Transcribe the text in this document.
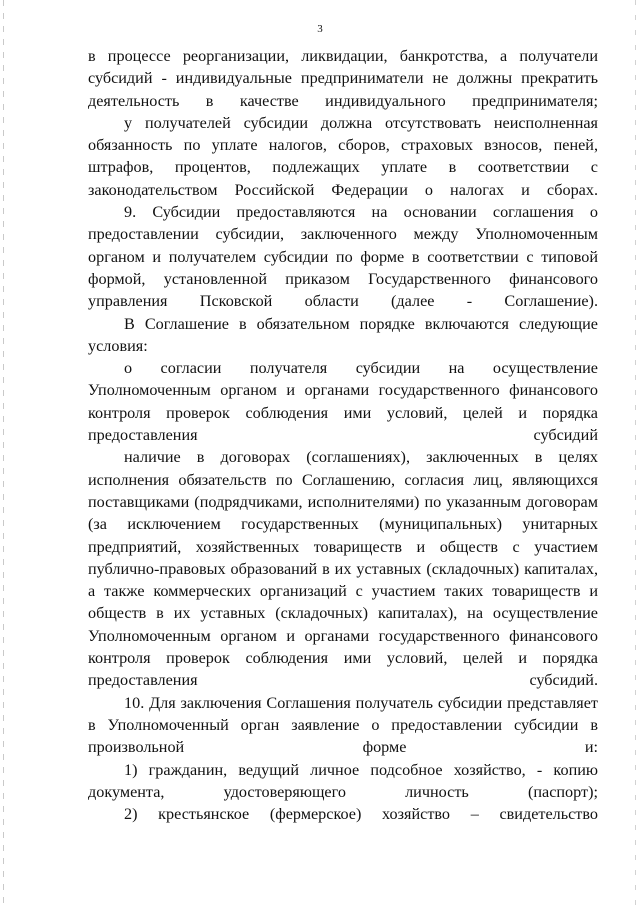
3

в процессе реорганизации, ликвидации, банкротства, а получатели субсидий - индивидуальные предприниматели не должны прекратить деятельность в качестве индивидуального предпринимателя;

у получателей субсидии должна отсутствовать неисполненная обязанность по уплате налогов, сборов, страховых взносов, пеней, штрафов, процентов, подлежащих уплате в соответствии с законодательством Российской Федерации о налогах и сборах.

9. Субсидии предоставляются на основании соглашения о предоставлении субсидии, заключенного между Уполномоченным органом и получателем субсидии по форме в соответствии с типовой формой, установленной приказом Государственного финансового управления Псковской области (далее - Соглашение).

В Соглашение в обязательном порядке включаются следующие условия:

о согласии получателя субсидии на осуществление Уполномоченным органом и органами государственного финансового контроля проверок соблюдения ими условий, целей и порядка предоставления субсидий

наличие в договорах (соглашениях), заключенных в целях исполнения обязательств по Соглашению, согласия лиц, являющихся поставщиками (подрядчиками, исполнителями) по указанным договорам (за исключением государственных (муниципальных) унитарных предприятий, хозяйственных товариществ и обществ с участием публично-правовых образований в их уставных (складочных) капиталах, а также коммерческих организаций с участием таких товариществ и обществ в их уставных (складочных) капиталах), на осуществление Уполномоченным органом и органами государственного финансового контроля проверок соблюдения ими условий, целей и порядка предоставления субсидий.

10. Для заключения Соглашения получатель субсидии представляет в Уполномоченный орган заявление о предоставлении субсидии в произвольной форме и:

1) гражданин, ведущий личное подсобное хозяйство, - копию документа, удостоверяющего личность (паспорт);

2) крестьянское (фермерское) хозяйство – свидетельство
